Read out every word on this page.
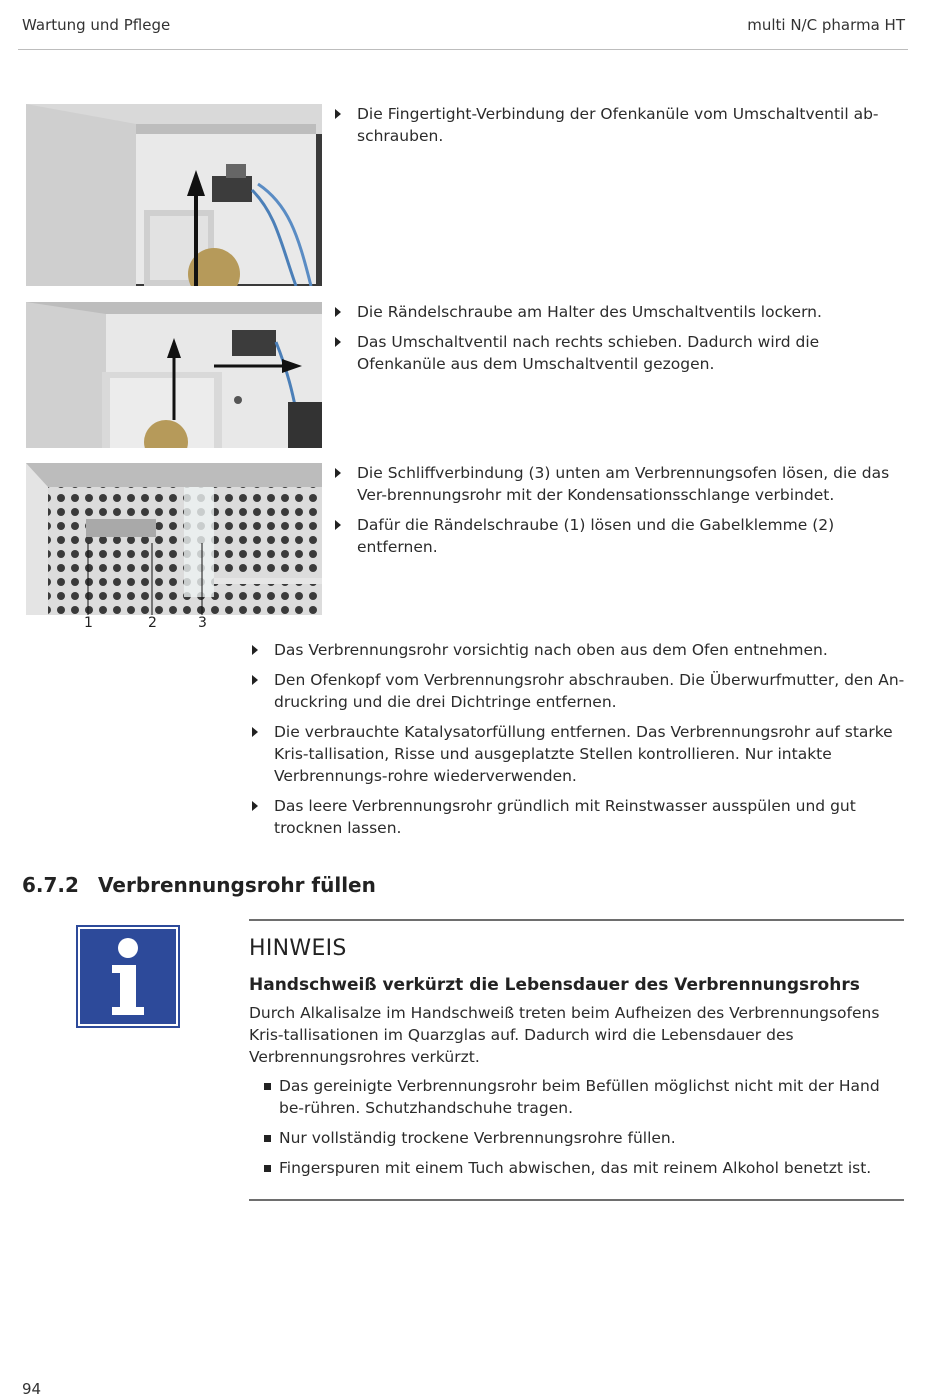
Wartung und Pflege	multi N/C pharma HT
1	2	3
Die Fingertight-Verbindung der Ofenkanüle vom Umschaltventil ab-schrauben.
Die Rändelschraube am Halter des Umschaltventils lockern.
Das Umschaltventil nach rechts schieben. Dadurch wird die Ofenkanüle aus dem Umschaltventil gezogen.
Die Schliffverbindung (3) unten am Verbrennungsofen lösen, die das Ver-brennungsrohr mit der Kondensationsschlange verbindet.
Dafür die Rändelschraube (1) lösen und die Gabelklemme (2) entfernen.
Das Verbrennungsrohr vorsichtig nach oben aus dem Ofen entnehmen.
Den Ofenkopf vom Verbrennungsrohr abschrauben. Die Überwurfmutter, den An-druckring und die drei Dichtringe entfernen.
Die verbrauchte Katalysatorfüllung entfernen. Das Verbrennungsrohr auf starke Kris-tallisation, Risse und ausgeplatzte Stellen kontrollieren. Nur intakte Verbrennungs-rohre wiederverwenden.
Das leere Verbrennungsrohr gründlich mit Reinstwasser ausspülen und gut trocknen lassen.
6.7.2 Verbrennungsrohr füllen
HINWEIS
Handschweiß verkürzt die Lebensdauer des Verbrennungsrohrs
Durch Alkalisalze im Handschweiß treten beim Aufheizen des Verbrennungsofens Kris-tallisationen im Quarzglas auf. Dadurch wird die Lebensdauer des Verbrennungsrohres verkürzt.
Das gereinigte Verbrennungsrohr beim Befüllen möglichst nicht mit der Hand be-rühren. Schutzhandschuhe tragen.
Nur vollständig trockene Verbrennungsrohre füllen.
Fingerspuren mit einem Tuch abwischen, das mit reinem Alkohol benetzt ist.
94
